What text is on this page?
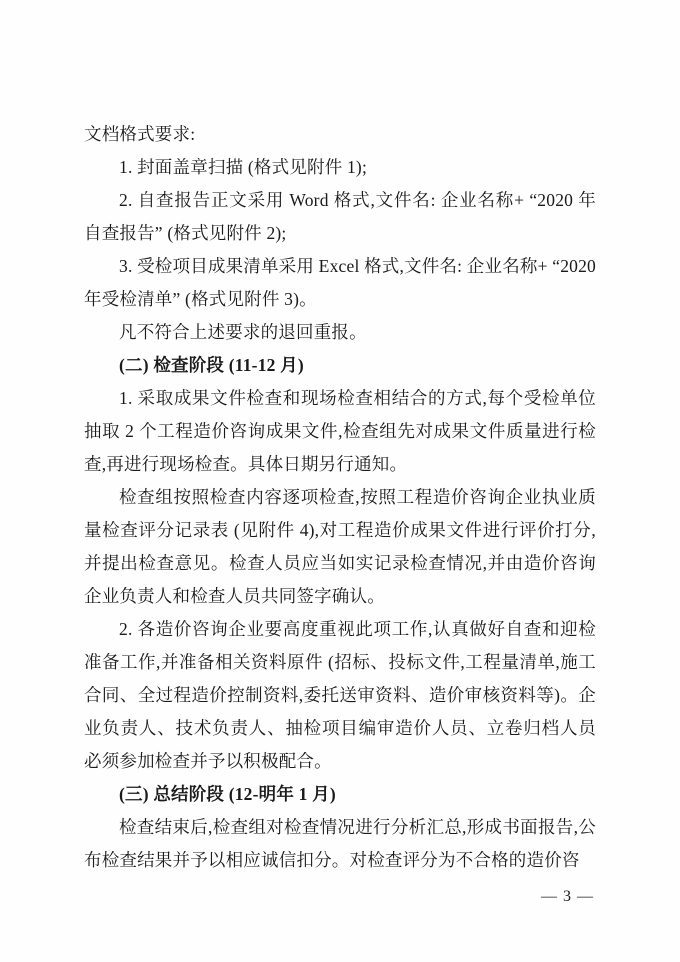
文档格式要求:

1. 封面盖章扫描 (格式见附件 1);

2. 自查报告正文采用 Word 格式,文件名: 企业名称+ “2020 年自查报告” (格式见附件 2);

3. 受检项目成果清单采用 Excel 格式,文件名: 企业名称+ “2020 年受检清单” (格式见附件 3)。

凡不符合上述要求的退回重报。

(二) 检查阶段 (11-12 月)

1. 采取成果文件检查和现场检查相结合的方式,每个受检单位抽取 2 个工程造价咨询成果文件,检查组先对成果文件质量进行检查,再进行现场检查。具体日期另行通知。

检查组按照检查内容逐项检查,按照工程造价咨询企业执业质量检查评分记录表 (见附件 4),对工程造价成果文件进行评价打分,并提出检查意见。检查人员应当如实记录检查情况,并由造价咨询企业负责人和检查人员共同签字确认。

2. 各造价咨询企业要高度重视此项工作,认真做好自查和迎检准备工作,并准备相关资料原件 (招标、投标文件,工程量清单,施工合同、全过程造价控制资料,委托送审资料、造价审核资料等)。企业负责人、技术负责人、抽检项目编审造价人员、立卷归档人员必须参加检查并予以积极配合。

(三) 总结阶段 (12-明年 1 月)

检查结束后,检查组对检查情况进行分析汇总,形成书面报告,公布检查结果并予以相应诚信扣分。对检查评分为不合格的造价咨

— 3 —
